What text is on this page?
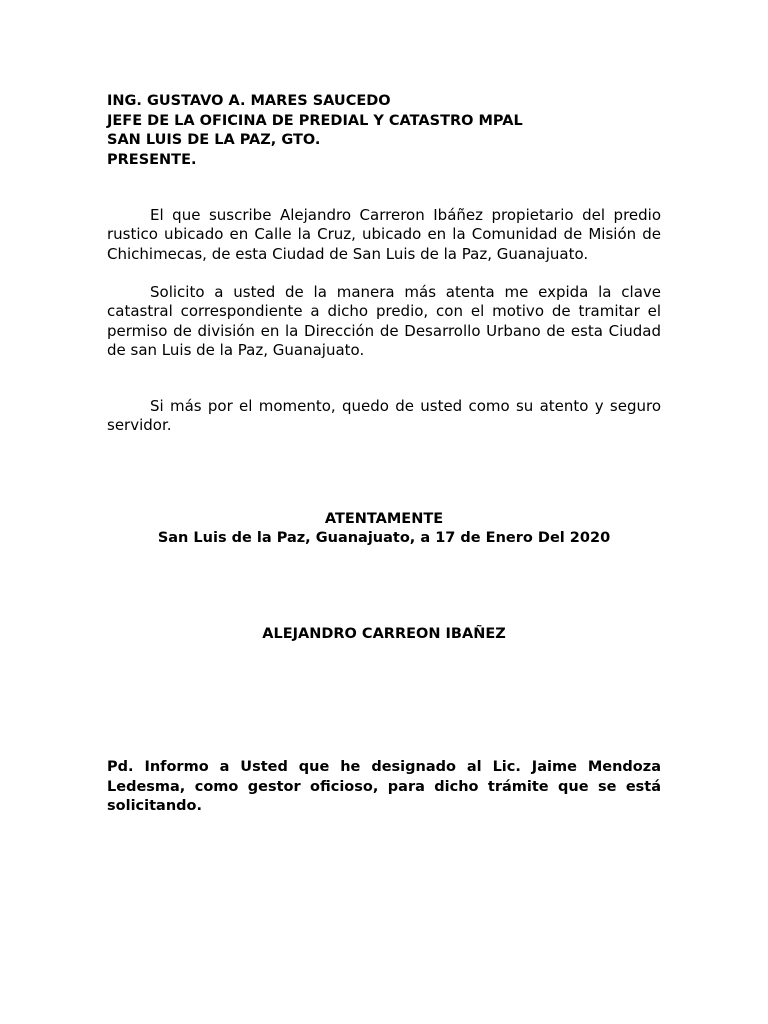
ING. GUSTAVO A. MARES SAUCEDO
JEFE DE LA OFICINA DE PREDIAL Y CATASTRO MPAL
SAN LUIS DE LA PAZ, GTO.
PRESENTE.
El que suscribe Alejandro Carreron Ibáñez propietario del predio rustico ubicado en Calle la Cruz, ubicado en la Comunidad de Misión de Chichimecas, de esta Ciudad de San Luis de la Paz, Guanajuato.
Solicito a usted de la manera más atenta me expida la clave catastral correspondiente a dicho predio, con el motivo de tramitar el permiso de división en la Dirección de Desarrollo Urbano de esta Ciudad de san Luis de la Paz, Guanajuato.
Si más por el momento, quedo de usted como su atento y seguro servidor.
ATENTAMENTE
San Luis de la Paz, Guanajuato, a 17 de Enero Del 2020
ALEJANDRO CARREON IBAÑEZ
Pd. Informo a Usted que he designado al Lic. Jaime Mendoza Ledesma, como gestor oficioso, para dicho trámite que se está solicitando.
